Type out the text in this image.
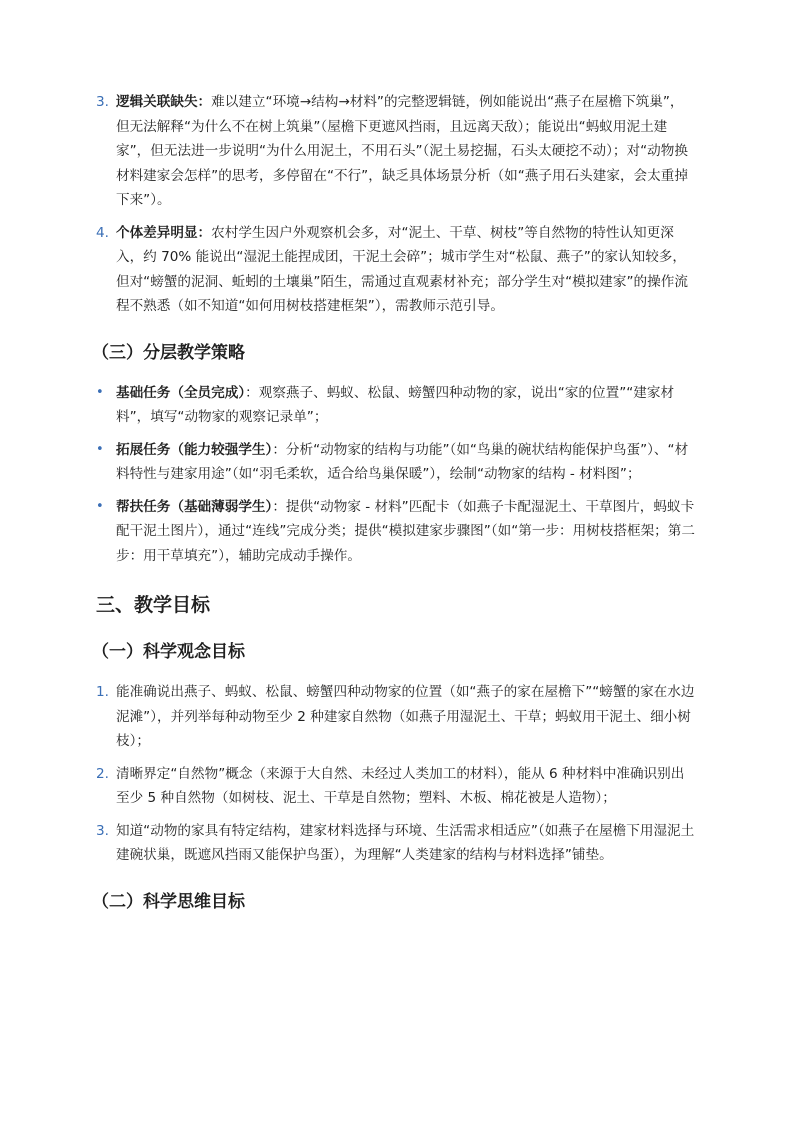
3. 逻辑关联缺失：难以建立“环境→结构→材料”的完整逻辑链，例如能说出“燕子在屋檐下筑巢”，但无法解释“为什么不在树上筑巢”（屋檐下更遮风挡雨，且远离天敌）；能说出“蚂蚁用泥土建家”，但无法进一步说明“为什么用泥土，不用石头”（泥土易挖掘，石头太硬挖不动）；对“动物换材料建家会怎样”的思考，多停留在“不行”，缺乏具体场景分析（如“燕子用石头建家，会太重掉下来”）。
4. 个体差异明显：农村学生因户外观察机会多，对“泥土、干草、树枝”等自然物的特性认知更深入，约 70% 能说出“湿泥土能捏成团，干泥土会碎”；城市学生对“松鼠、燕子”的家认知较多，但对“螃蟹的泥洞、蚯蚓的土壤巢”陌生，需通过直观素材补充；部分学生对“模拟建家”的操作流程不熟悉（如不知道“如何用树枝搭建框架”），需教师示范引导。
（三）分层教学策略
• 基础任务（全员完成）：观察燕子、蚂蚁、松鼠、螃蟹四种动物的家，说出“家的位置”“建家材料”，填写“动物家的观察记录单”；
• 拓展任务（能力较强学生）：分析“动物家的结构与功能”（如“鸟巢的碗状结构能保护鸟蛋”）、“材料特性与建家用途”（如“羽毛柔软，适合给鸟巢保暖”），绘制“动物家的结构 - 材料图”；
• 帮扶任务（基础薄弱学生）：提供“动物家 - 材料”匹配卡（如燕子卡配湿泥土、干草图片，蚂蚁卡配干泥土图片），通过“连线”完成分类；提供“模拟建家步骤图”（如“第一步：用树枝搭框架；第二步：用干草填充”），辅助完成动手操作。
三、教学目标
（一）科学观念目标
1. 能准确说出燕子、蚂蚁、松鼠、螃蟹四种动物家的位置（如“燕子的家在屋檐下”“螃蟹的家在水边泥滩”），并列举每种动物至少 2 种建家自然物（如燕子用湿泥土、干草；蚂蚁用干泥土、细小树枝）；
2. 清晰界定“自然物”概念（来源于大自然、未经过人类加工的材料），能从 6 种材料中准确识别出至少 5 种自然物（如树枝、泥土、干草是自然物；塑料、木板、棉花被是人造物）；
3. 知道“动物的家具有特定结构，建家材料选择与环境、生活需求相适应”（如燕子在屋檐下用湿泥土建碗状巢，既遮风挡雨又能保护鸟蛋），为理解“人类建家的结构与材料选择”铺垫。
（二）科学思维目标
